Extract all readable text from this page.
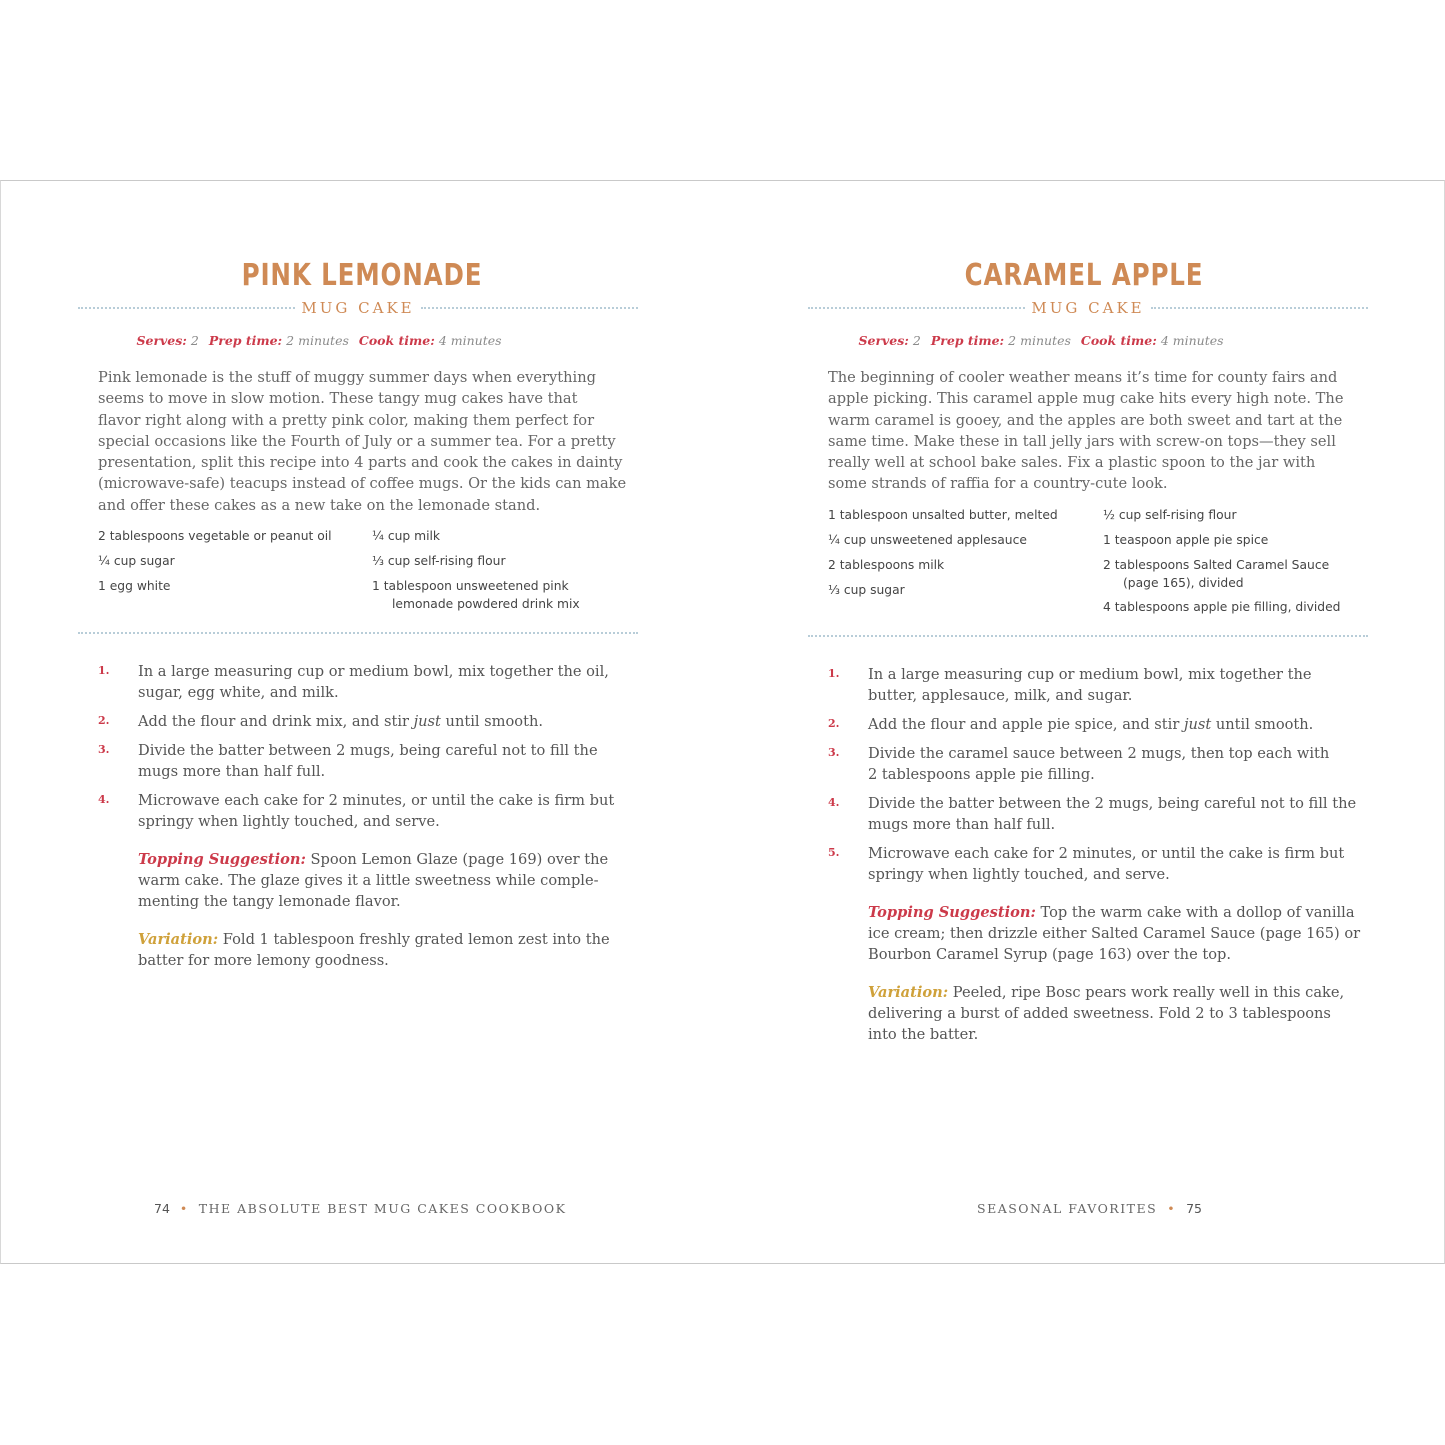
PINK LEMONADE
MUG CAKE
Serves: 2 Prep time: 2 minutes Cook time: 4 minutes
Pink lemonade is the stuff of muggy summer days when everything
seems to move in slow motion. These tangy mug cakes have that
flavor right along with a pretty pink color, making them perfect for
special occasions like the Fourth of July or a summer tea. For a pretty
presentation, split this recipe into 4 parts and cook the cakes in dainty
(microwave-safe) teacups instead of coffee mugs. Or the kids can make
and offer these cakes as a new take on the lemonade stand.
2 tablespoons vegetable or peanut oil
¼ cup sugar
1 egg white
¼ cup milk
⅓ cup self-rising flour
1 tablespoon unsweetened pink
lemonade powdered drink mix
1. In a large measuring cup or medium bowl, mix together the oil,
sugar, egg white, and milk.
2. Add the flour and drink mix, and stir just until smooth.
3. Divide the batter between 2 mugs, being careful not to fill the
mugs more than half full.
4. Microwave each cake for 2 minutes, or until the cake is firm but
springy when lightly touched, and serve.
Topping Suggestion: Spoon Lemon Glaze (page 169) over the
warm cake. The glaze gives it a little sweetness while comple-
menting the tangy lemonade flavor.
Variation: Fold 1 tablespoon freshly grated lemon zest into the
batter for more lemony goodness.
74 • THE ABSOLUTE BEST MUG CAKES COOKBOOK
CARAMEL APPLE
MUG CAKE
Serves: 2 Prep time: 2 minutes Cook time: 4 minutes
The beginning of cooler weather means it’s time for county fairs and
apple picking. This caramel apple mug cake hits every high note. The
warm caramel is gooey, and the apples are both sweet and tart at the
same time. Make these in tall jelly jars with screw-on tops—they sell
really well at school bake sales. Fix a plastic spoon to the jar with
some strands of raffia for a country-cute look.
1 tablespoon unsalted butter, melted
¼ cup unsweetened applesauce
2 tablespoons milk
⅓ cup sugar
½ cup self-rising flour
1 teaspoon apple pie spice
2 tablespoons Salted Caramel Sauce
(page 165), divided
4 tablespoons apple pie filling, divided
1. In a large measuring cup or medium bowl, mix together the
butter, applesauce, milk, and sugar.
2. Add the flour and apple pie spice, and stir just until smooth.
3. Divide the caramel sauce between 2 mugs, then top each with
2 tablespoons apple pie filling.
4. Divide the batter between the 2 mugs, being careful not to fill the
mugs more than half full.
5. Microwave each cake for 2 minutes, or until the cake is firm but
springy when lightly touched, and serve.
Topping Suggestion: Top the warm cake with a dollop of vanilla
ice cream; then drizzle either Salted Caramel Sauce (page 165) or
Bourbon Caramel Syrup (page 163) over the top.
Variation: Peeled, ripe Bosc pears work really well in this cake,
delivering a burst of added sweetness. Fold 2 to 3 tablespoons
into the batter.
SEASONAL FAVORITES • 75
